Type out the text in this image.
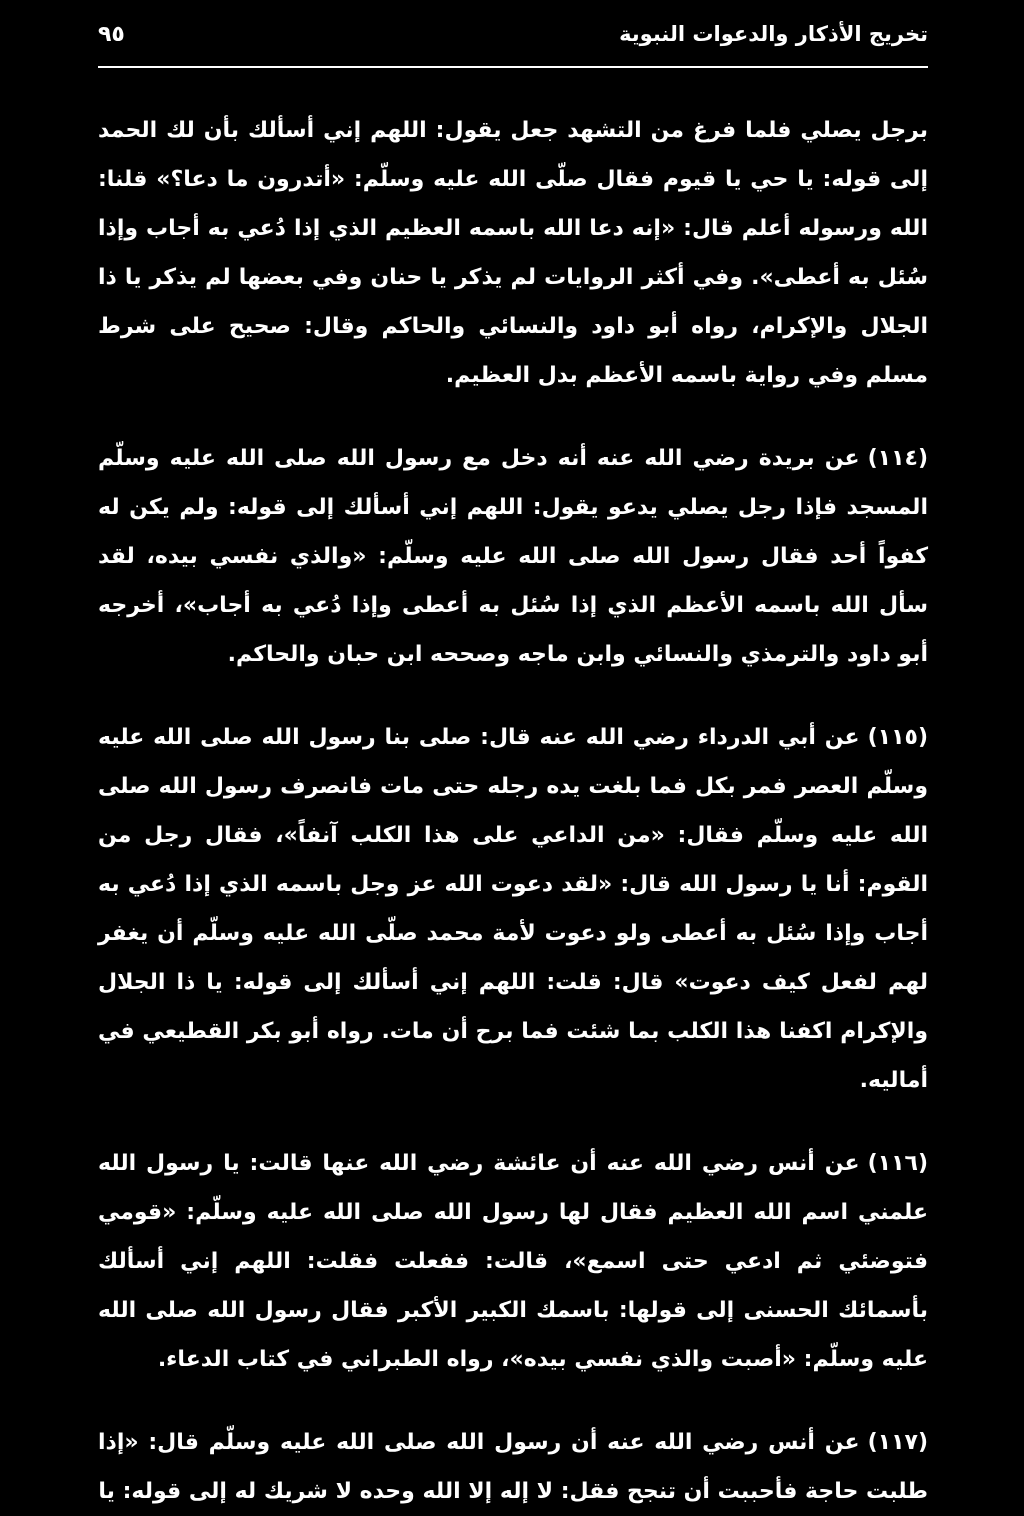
تخريج الأذكار والدعوات النبوية
٩٥

برجل يصلي فلما فرغ من التشهد جعل يقول: اللهم إني أسألك بأن لك الحمد إلى قوله: يا حي يا قيوم فقال صلّى الله عليه وسلّم: «أتدرون ما دعا؟» قلنا: الله ورسوله أعلم قال: «إنه دعا الله باسمه العظيم الذي إذا دُعي به أجاب وإذا سُئل به أعطى». وفي أكثر الروايات لم يذكر يا حنان وفي بعضها لم يذكر يا ذا الجلال والإكرام، رواه أبو داود والنسائي والحاكم وقال: صحيح على شرط مسلم وفي رواية باسمه الأعظم بدل العظيم.

(١١٤)عن بريدة رضي الله عنه أنه دخل مع رسول الله صلى الله عليه وسلّم المسجد فإذا رجل يصلي يدعو يقول: اللهم إني أسألك إلى قوله: ولم يكن له كفواً أحد فقال رسول الله صلى الله عليه وسلّم: «والذي نفسي بيده، لقد سأل الله باسمه الأعظم الذي إذا سُئل به أعطى وإذا دُعي به أجاب»، أخرجه أبو داود والترمذي والنسائي وابن ماجه وصححه ابن حبان والحاكم.

(١١٥)عن أبي الدرداء رضي الله عنه قال: صلى بنا رسول الله صلى الله عليه وسلّم العصر فمر بكل فما بلغت يده رجله حتى مات فانصرف رسول الله صلى الله عليه وسلّم فقال: «من الداعي على هذا الكلب آنفاً»، فقال رجل من القوم: أنا يا رسول الله قال: «لقد دعوت الله عز وجل باسمه الذي إذا دُعي به أجاب وإذا سُئل به أعطى ولو دعوت لأمة محمد صلّى الله عليه وسلّم أن يغفر لهم لفعل كيف دعوت» قال: قلت: اللهم إني أسألك إلى قوله: يا ذا الجلال والإكرام اكفنا هذا الكلب بما شئت فما برح أن مات. رواه أبو بكر القطيعي في أماليه.

(١١٦)عن أنس رضي الله عنه أن عائشة رضي الله عنها قالت: يا رسول الله علمني اسم الله العظيم فقال لها رسول الله صلى الله عليه وسلّم: «قومي فتوضئي ثم ادعي حتى اسمع»، قالت: ففعلت فقلت: اللهم إني أسألك بأسمائك الحسنى إلى قولها: باسمك الكبير الأكبر فقال رسول الله صلى الله عليه وسلّم: «أصبت والذي نفسي بيده»، رواه الطبراني في كتاب الدعاء.

(١١٧)عن أنس رضي الله عنه أن رسول الله صلى الله عليه وسلّم قال: «إذا طلبت حاجة فأحببت أن تنجح فقل: لا إله إلا الله وحده لا شريك له إلى قوله: يا
